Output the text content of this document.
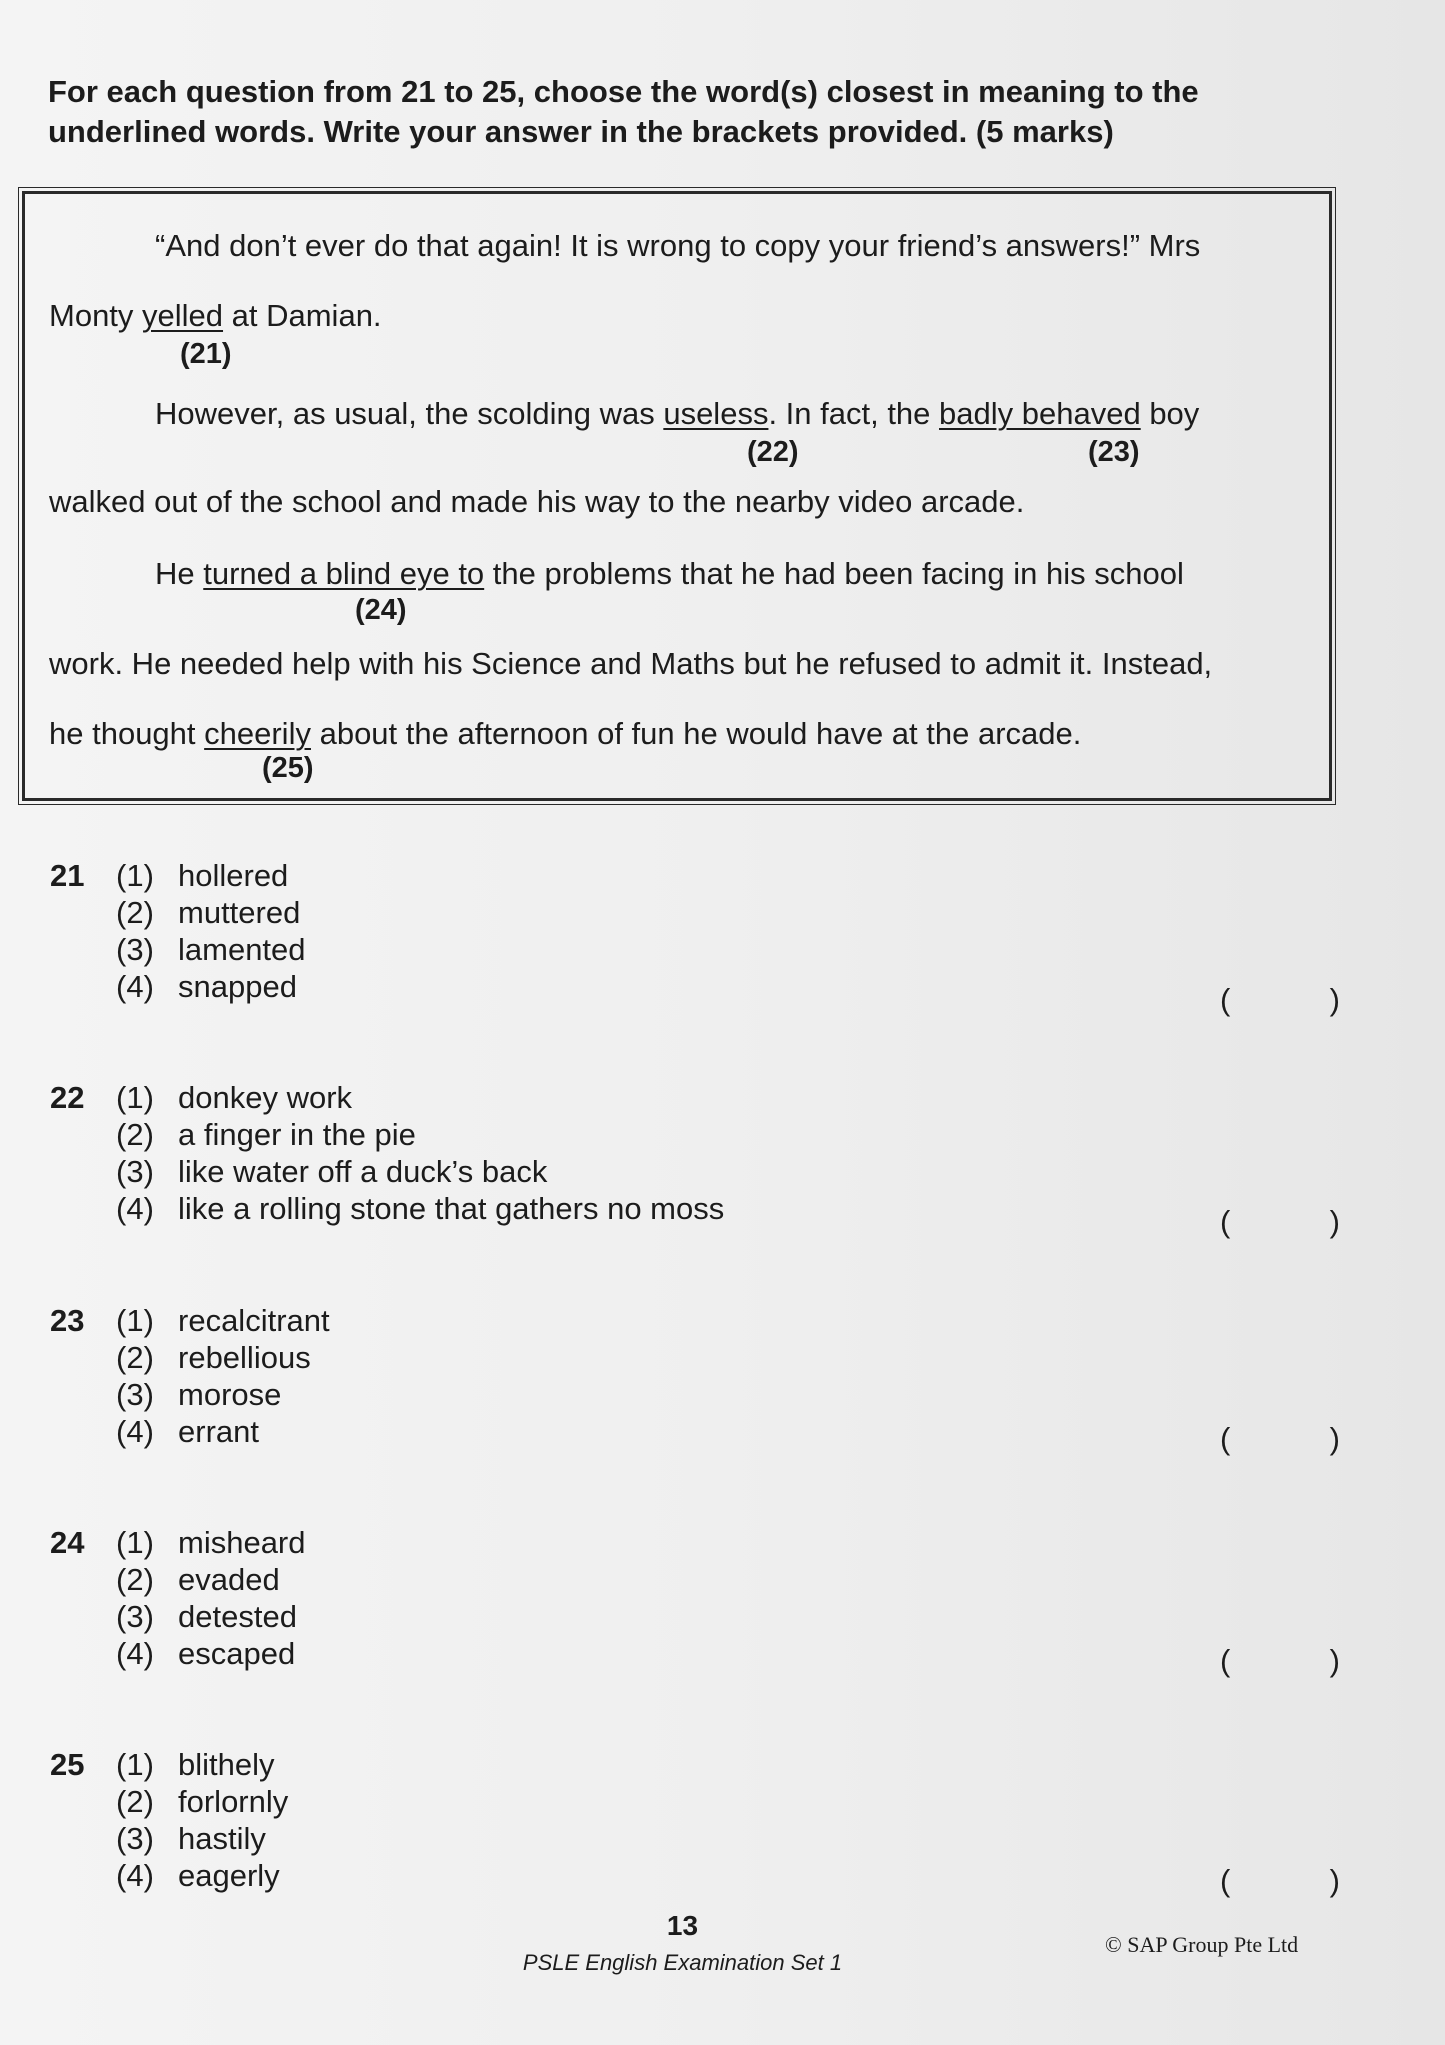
For each question from 21 to 25, choose the word(s) closest in meaning to the underlined words. Write your answer in the brackets provided. (5 marks)
“And don’t ever do that again! It is wrong to copy your friend’s answers!” Mrs
Monty yelled at Damian.
(21)
However, as usual, the scolding was useless. In fact, the badly behaved boy
(22)	(23)
walked out of the school and made his way to the nearby video arcade.
He turned a blind eye to the problems that he had been facing in his school
(24)
work. He needed help with his Science and Maths but he refused to admit it. Instead,
he thought cheerily about the afternoon of fun he would have at the arcade.
(25)
21 (1) hollered
(2) muttered
(3) lamented
(4) snapped	(	)
22 (1) donkey work
(2) a finger in the pie
(3) like water off a duck’s back
(4) like a rolling stone that gathers no moss	(	)
23 (1) recalcitrant
(2) rebellious
(3) morose
(4) errant	(	)
24 (1) misheard
(2) evaded
(3) detested
(4) escaped	(	)
25 (1) blithely
(2) forlornly
(3) hastily
(4) eagerly	(	)
13
PSLE English Examination Set 1
© SAP Group Pte Ltd
